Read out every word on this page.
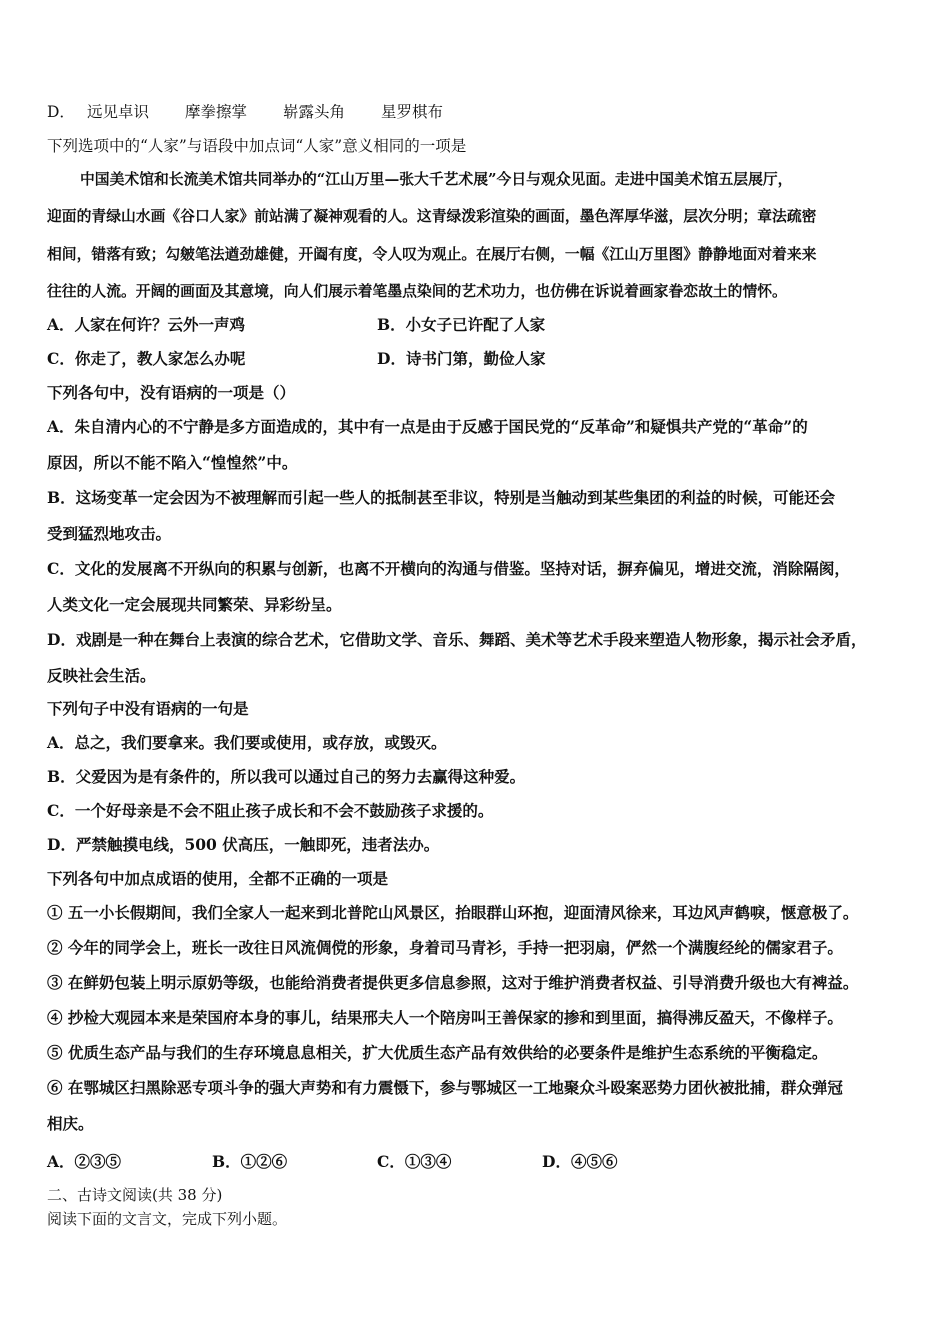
D． 远见卓识 摩拳擦掌 崭露头角 星罗棋布
下列选项中的“人家”与语段中加点词“人家”意义相同的一项是
中国美术馆和长流美术馆共同举办的“江山万里—张大千艺术展”今日与观众见面。走进中国美术馆五层展厅，
迎面的青绿山水画《谷口人家》前站满了凝神观看的人。这青绿泼彩渲染的画面，墨色浑厚华滋，层次分明；章法疏密
相间，错落有致；勾皴笔法遒劲雄健，开阖有度，令人叹为观止。在展厅右侧，一幅《江山万里图》静静地面对着来来
往往的人流。开阔的画面及其意境，向人们展示着笔墨点染间的艺术功力，也仿佛在诉说着画家眷恋故土的情怀。
A．人家在何许？云外一声鸡	B．小女子已许配了人家
C．你走了，教人家怎么办呢	D．诗书门第，勤俭人家
下列各句中，没有语病的一项是（）
A．朱自清内心的不宁静是多方面造成的，其中有一点是由于反感于国民党的“反革命”和疑惧共产党的“革命”的
原因，所以不能不陷入“惶惶然”中。
B．这场变革一定会因为不被理解而引起一些人的抵制甚至非议，特别是当触动到某些集团的利益的时候，可能还会
受到猛烈地攻击。
C．文化的发展离不开纵向的积累与创新，也离不开横向的沟通与借鉴。坚持对话，摒弃偏见，增进交流，消除隔阂，
人类文化一定会展现共同繁荣、异彩纷呈。
D．戏剧是一种在舞台上表演的综合艺术，它借助文学、音乐、舞蹈、美术等艺术手段来塑造人物形象，揭示社会矛盾，
反映社会生活。
下列句子中没有语病的一句是
A．总之，我们要拿来。我们要或使用，或存放，或毁灭。
B．父爱因为是有条件的，所以我可以通过自己的努力去赢得这种爱。
C．一个好母亲是不会不阻止孩子成长和不会不鼓励孩子求援的。
D．严禁触摸电线，500 伏高压，一触即死，违者法办。
下列各句中加点成语的使用，全都不正确的一项是
① 五一小长假期间，我们全家人一起来到北普陀山风景区，抬眼群山环抱，迎面清风徐来，耳边风声鹤唳，惬意极了。
② 今年的同学会上，班长一改往日风流倜傥的形象，身着司马青衫，手持一把羽扇，俨然一个满腹经纶的儒家君子。
③ 在鲜奶包装上明示原奶等级，也能给消费者提供更多信息参照，这对于维护消费者权益、引导消费升级也大有裨益。
④ 抄检大观园本来是荣国府本身的事儿，结果邢夫人一个陪房叫王善保家的掺和到里面，搞得沸反盈天，不像样子。
⑤ 优质生态产品与我们的生存环境息息相关，扩大优质生态产品有效供给的必要条件是维护生态系统的平衡稳定。
⑥ 在鄂城区扫黑除恶专项斗争的强大声势和有力震慑下，参与鄂城区一工地聚众斗殴案恶势力团伙被批捕，群众弹冠
相庆。
A．②③⑤	B．①②⑥	C．①③④	D．④⑤⑥
二、古诗文阅读(共 38 分)
阅读下面的文言文，完成下列小题。
